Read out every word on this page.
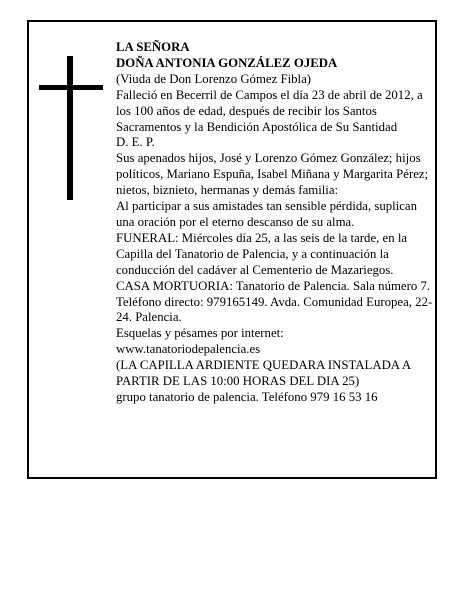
LA SEÑORA

DOÑA ANTONIA GONZÁLEZ OJEDA

(Viuda de Don Lorenzo Gómez Fibla)

Falleció en Becerril de Campos el día 23 de abril de 2012, a los 100 años de edad, después de recibir los Santos Sacramentos y la Bendición Apostólica de Su Santidad

D. E. P.

Sus apenados hijos, José y Lorenzo Gómez González; hijos políticos, Mariano Espuña, Isabel Miñana y Margarita Pérez; nietos, biznieto, hermanas y demás familia:

Al participar a sus amistades tan sensible pérdida, suplican una oración por el eterno descanso de su alma.

FUNERAL: Miércoles día 25, a las seis de la tarde, en la Capilla del Tanatorio de Palencia, y a continuación la conducción del cadáver al Cementerio de Mazariegos.

CASA MORTUORIA: Tanatorio de Palencia. Sala número 7. Teléfono directo: 979165149. Avda. Comunidad Europea, 22-24. Palencia.

Esquelas y pésames por internet:

www.tanatoriodepalencia.es

(LA CAPILLA ARDIENTE QUEDARA INSTALADA A PARTIR DE LAS 10:00 HORAS DEL DIA 25)

grupo tanatorio de palencia. Teléfono 979 16 53 16
